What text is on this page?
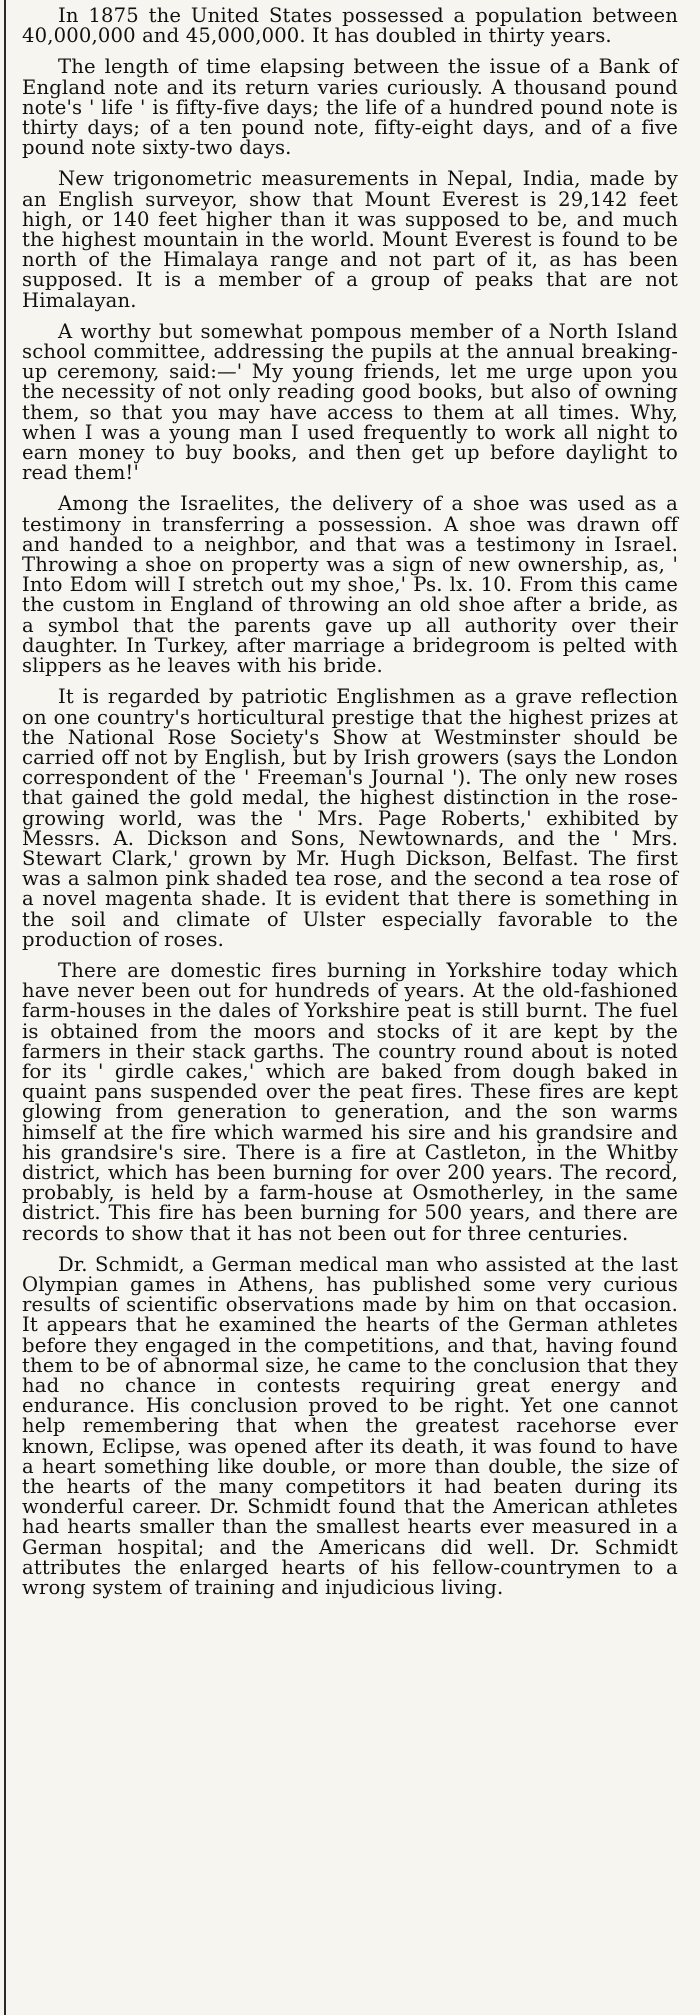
In 1875 the United States possessed a population between 40,000,000 and 45,000,000. It has doubled in thirty years.

The length of time elapsing between the issue of a Bank of England note and its return varies curiously. A thousand pound note's ' life ' is fifty-five days; the life of a hundred pound note is thirty days; of a ten pound note, fifty-eight days, and of a five pound note sixty-two days.

New trigonometric measurements in Nepal, India, made by an English surveyor, show that Mount Everest is 29,142 feet high, or 140 feet higher than it was supposed to be, and much the highest mountain in the world. Mount Everest is found to be north of the Himalaya range and not part of it, as has been supposed. It is a member of a group of peaks that are not Himalayan.

A worthy but somewhat pompous member of a North Island school committee, addressing the pupils at the annual breaking-up ceremony, said:—' My young friends, let me urge upon you the necessity of not only reading good books, but also of owning them, so that you may have access to them at all times. Why, when I was a young man I used frequently to work all night to earn money to buy books, and then get up before daylight to read them!'

Among the Israelites, the delivery of a shoe was used as a testimony in transferring a possession. A shoe was drawn off and handed to a neighbor, and that was a testimony in Israel. Throwing a shoe on property was a sign of new ownership, as, ' Into Edom will I stretch out my shoe,' Ps. lx. 10. From this came the custom in England of throwing an old shoe after a bride, as a symbol that the parents gave up all authority over their daughter. In Turkey, after marriage a bridegroom is pelted with slippers as he leaves with his bride.

It is regarded by patriotic Englishmen as a grave reflection on one country's horticultural prestige that the highest prizes at the National Rose Society's Show at Westminster should be carried off not by English, but by Irish growers (says the London correspondent of the ' Freeman's Journal '). The only new roses that gained the gold medal, the highest distinction in the rose-growing world, was the ' Mrs. Page Roberts,' exhibited by Messrs. A. Dickson and Sons, Newtownards, and the ' Mrs. Stewart Clark,' grown by Mr. Hugh Dickson, Belfast. The first was a salmon pink shaded tea rose, and the second a tea rose of a novel magenta shade. It is evident that there is something in the soil and climate of Ulster especially favorable to the production of roses.

There are domestic fires burning in Yorkshire today which have never been out for hundreds of years. At the old-fashioned farm-houses in the dales of Yorkshire peat is still burnt. The fuel is obtained from the moors and stocks of it are kept by the farmers in their stack garths. The country round about is noted for its ' girdle cakes,' which are baked from dough baked in quaint pans suspended over the peat fires. These fires are kept glowing from generation to generation, and the son warms himself at the fire which warmed his sire and his grandsire and his grandsire's sire. There is a fire at Castleton, in the Whitby district, which has been burning for over 200 years. The record, probably, is held by a farm-house at Osmotherley, in the same district. This fire has been burning for 500 years, and there are records to show that it has not been out for three centuries.

Dr. Schmidt, a German medical man who assisted at the last Olympian games in Athens, has published some very curious results of scientific observations made by him on that occasion. It appears that he examined the hearts of the German athletes before they engaged in the competitions, and that, having found them to be of abnormal size, he came to the conclusion that they had no chance in contests requiring great energy and endurance. His conclusion proved to be right. Yet one cannot help remembering that when the greatest racehorse ever known, Eclipse, was opened after its death, it was found to have a heart something like double, or more than double, the size of the hearts of the many competitors it had beaten during its wonderful career. Dr. Schmidt found that the American athletes had hearts smaller than the smallest hearts ever measured in a German hospital; and the Americans did well. Dr. Schmidt attributes the enlarged hearts of his fellow-countrymen to a wrong system of training and injudicious living.
